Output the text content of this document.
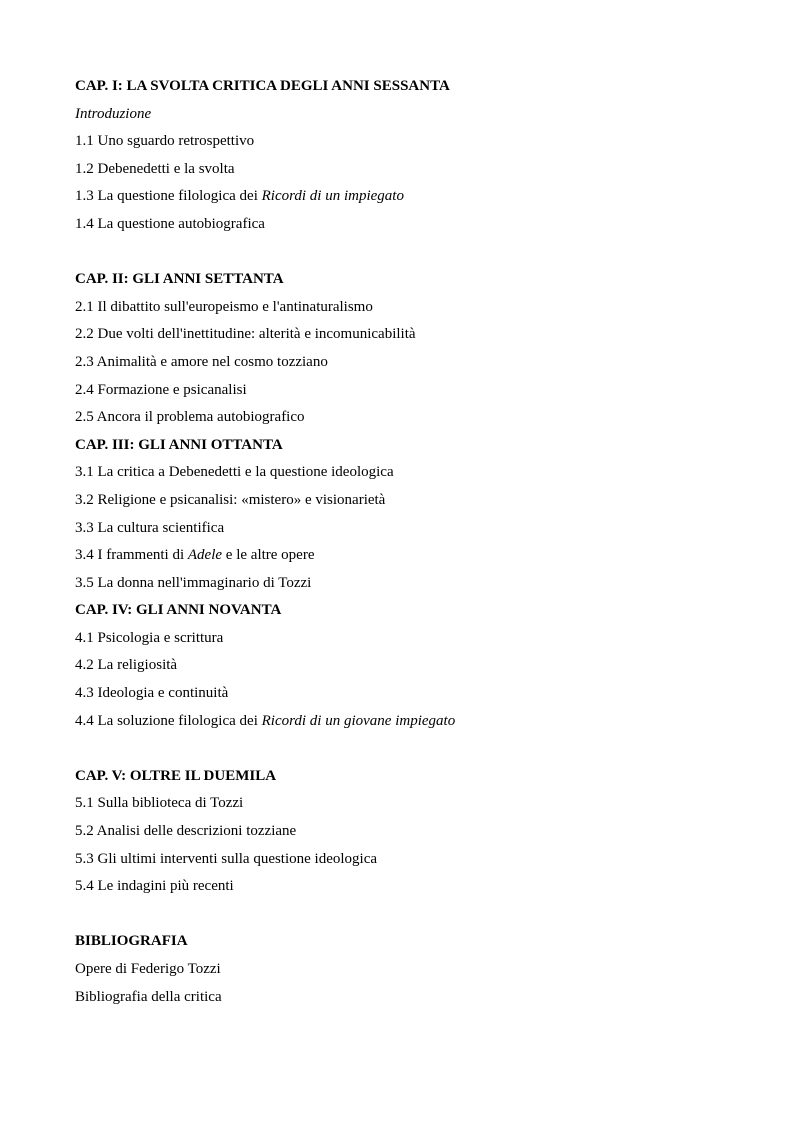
CAP. I: LA SVOLTA CRITICA DEGLI ANNI SESSANTA
Introduzione
1.1 Uno sguardo retrospettivo
1.2 Debenedetti e la svolta
1.3 La questione filologica dei Ricordi di un impiegato
1.4 La questione autobiografica
CAP. II: GLI ANNI SETTANTA
2.1 Il dibattito sull'europeismo e l'antinaturalismo
2.2 Due volti dell'inettitudine: alterità e incomunicabilità
2.3 Animalità e amore nel cosmo tozziano
2.4 Formazione e psicanalisi
2.5 Ancora il problema autobiografico
CAP. III: GLI ANNI OTTANTA
3.1 La critica a Debenedetti e la questione ideologica
3.2 Religione e psicanalisi: «mistero» e visionarietà
3.3 La cultura scientifica
3.4 I frammenti di Adele e le altre opere
3.5 La donna nell'immaginario di Tozzi
CAP. IV: GLI ANNI NOVANTA
4.1 Psicologia e scrittura
4.2 La religiosità
4.3 Ideologia e continuità
4.4 La soluzione filologica dei Ricordi di un giovane impiegato
CAP. V: OLTRE IL DUEMILA
5.1 Sulla biblioteca di Tozzi
5.2 Analisi delle descrizioni tozziane
5.3 Gli ultimi interventi sulla questione ideologica
5.4 Le indagini più recenti
BIBLIOGRAFIA
Opere di Federigo Tozzi
Bibliografia della critica
